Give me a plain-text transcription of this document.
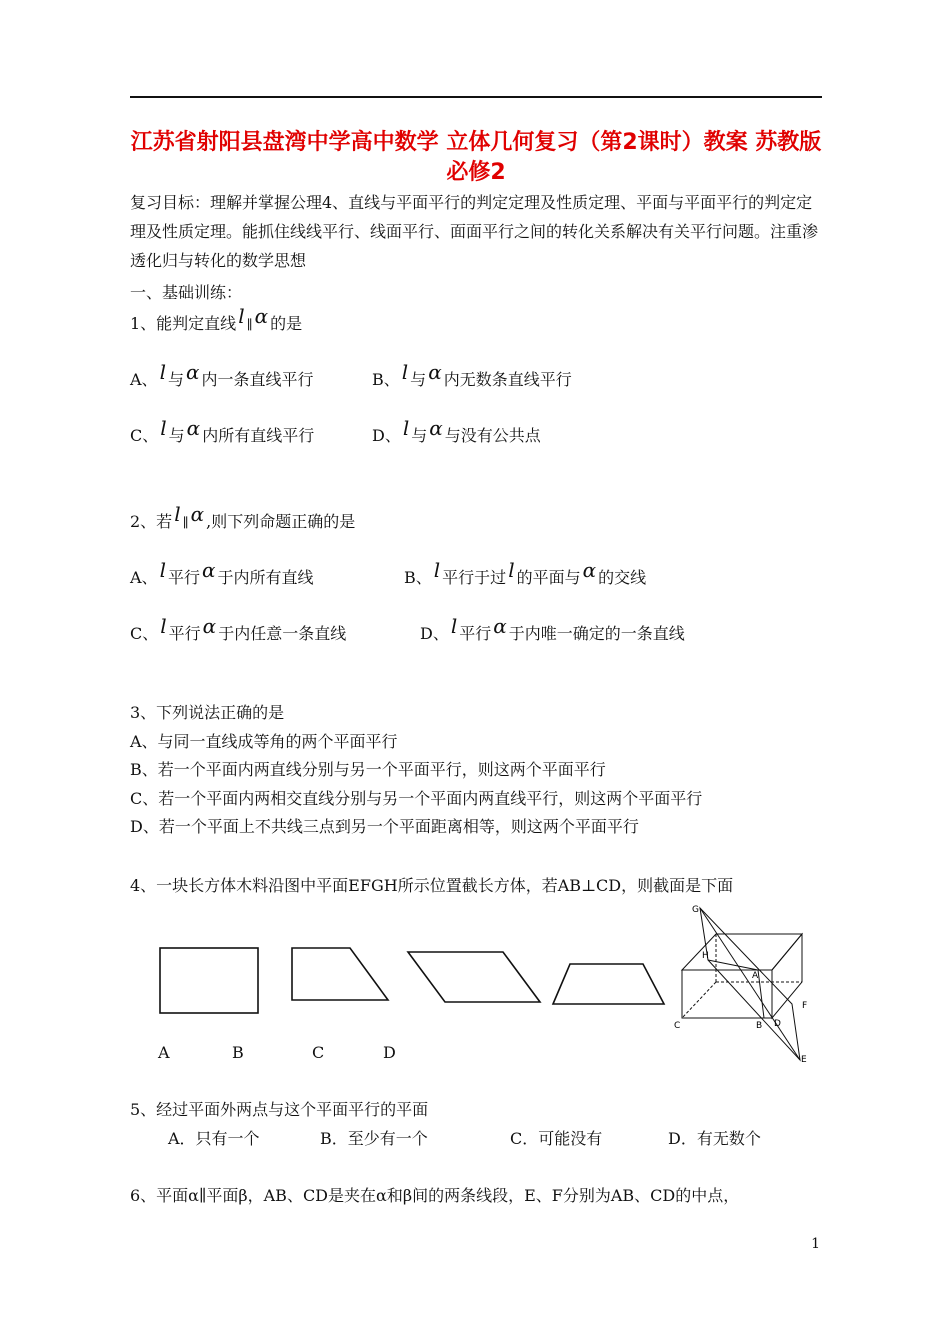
江苏省射阳县盘湾中学高中数学 立体几何复习（第2课时）教案 苏教版必修2
复习目标：理解并掌握公理4、直线与平面平行的判定定理及性质定理、平面与平面平行的判定定理及性质定理。能抓住线线平行、线面平行、面面平行之间的转化关系解决有关平行问题。注重渗透化归与转化的数学思想
一、基础训练：
1、能判定直线 l ∥ α 的是
A、 l 与 α 内一条直线平行	B、 l 与 α 内无数条直线平行
C、 l 与 α 内所有直线平行	D、 l 与 α 与没有公共点
2、若 l ∥ α ,则下列命题正确的是
A、 l 平行 α 于内所有直线	B、 l 平行于过 l 的平面与 α 的交线
C、 l 平行 α 于内任意一条直线	D、 l 平行 α 于内唯一确定的一条直线
3、下列说法正确的是
A、与同一直线成等角的两个平面平行
B、若一个平面内两直线分别与另一个平面平行，则这两个平面平行
C、若一个平面内两相交直线分别与另一个平面内两直线平行，则这两个平面平行
D、若一个平面上不共线三点到另一个平面距离相等，则这两个平面平行
4、一块长方体木料沿图中平面EFGH所示位置截长方体，若AB⊥CD，则截面是下面
A	B	C	D
G
H
A
F
C	B D
E
5、经过平面外两点与这个平面平行的平面
A．只有一个	B．至少有一个	C．可能没有	D．有无数个
6、平面α∥平面β，AB、CD是夹在α和β间的两条线段，E、F分别为AB、CD的中点，
1
